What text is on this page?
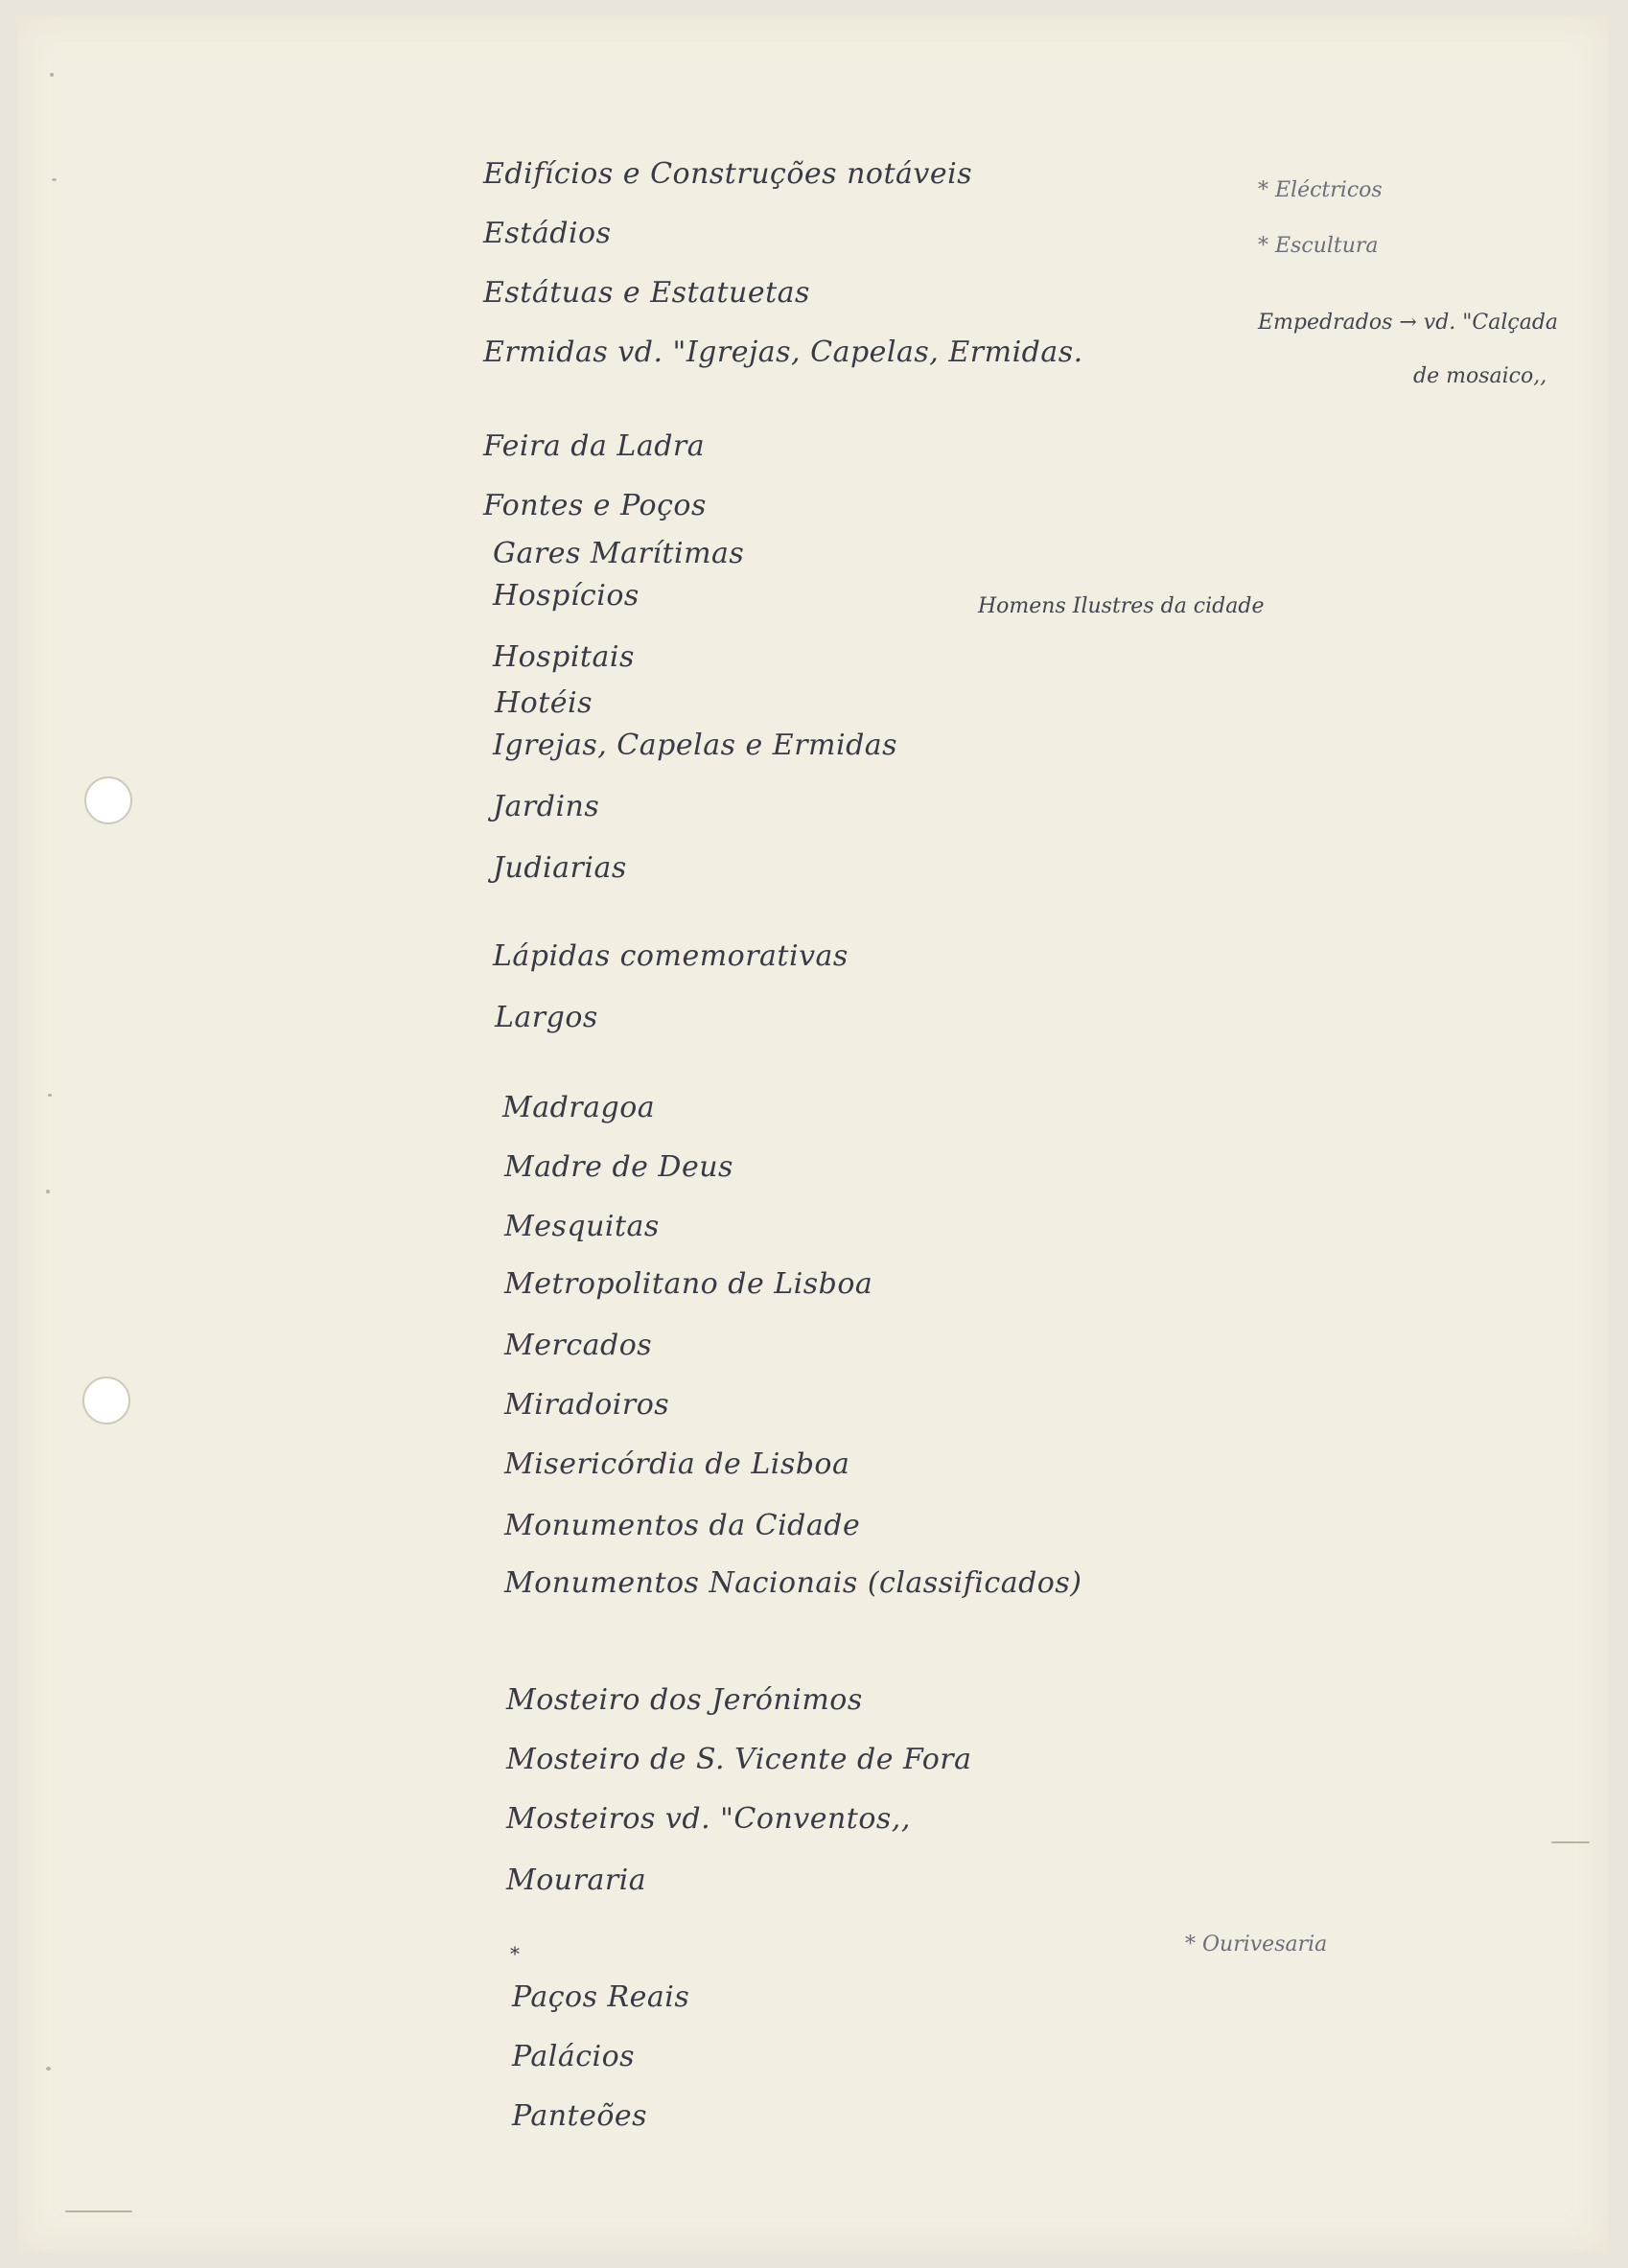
Edifícios e Construções notáveis
Estádios
Estátuas e Estatuetas
Ermidas vd. "Igrejas, Capelas, Ermidas.
Feira da Ladra
Fontes e Poços
Gares Marítimas
Hospícios
Hospitais
Hotéis
Igrejas, Capelas e Ermidas
Jardins
Judiarias
Lápidas comemorativas
Largos
Madragoa
Madre de Deus
Mesquitas
Metropolitano de Lisboa
Mercados
Miradoiros
Misericórdia de Lisboa
Monumentos da Cidade
Monumentos Nacionais (classificados)
Mosteiro dos Jerónimos
Mosteiro de S. Vicente de Fora
Mosteiros vd. "Conventos,,
Mouraria
*
Paços Reais
Palácios
Panteões
* Eléctricos
* Escultura
Empedrados → vd. "Calçada
de mosaico,,
Homens Ilustres da cidade
* Ourivesaria
